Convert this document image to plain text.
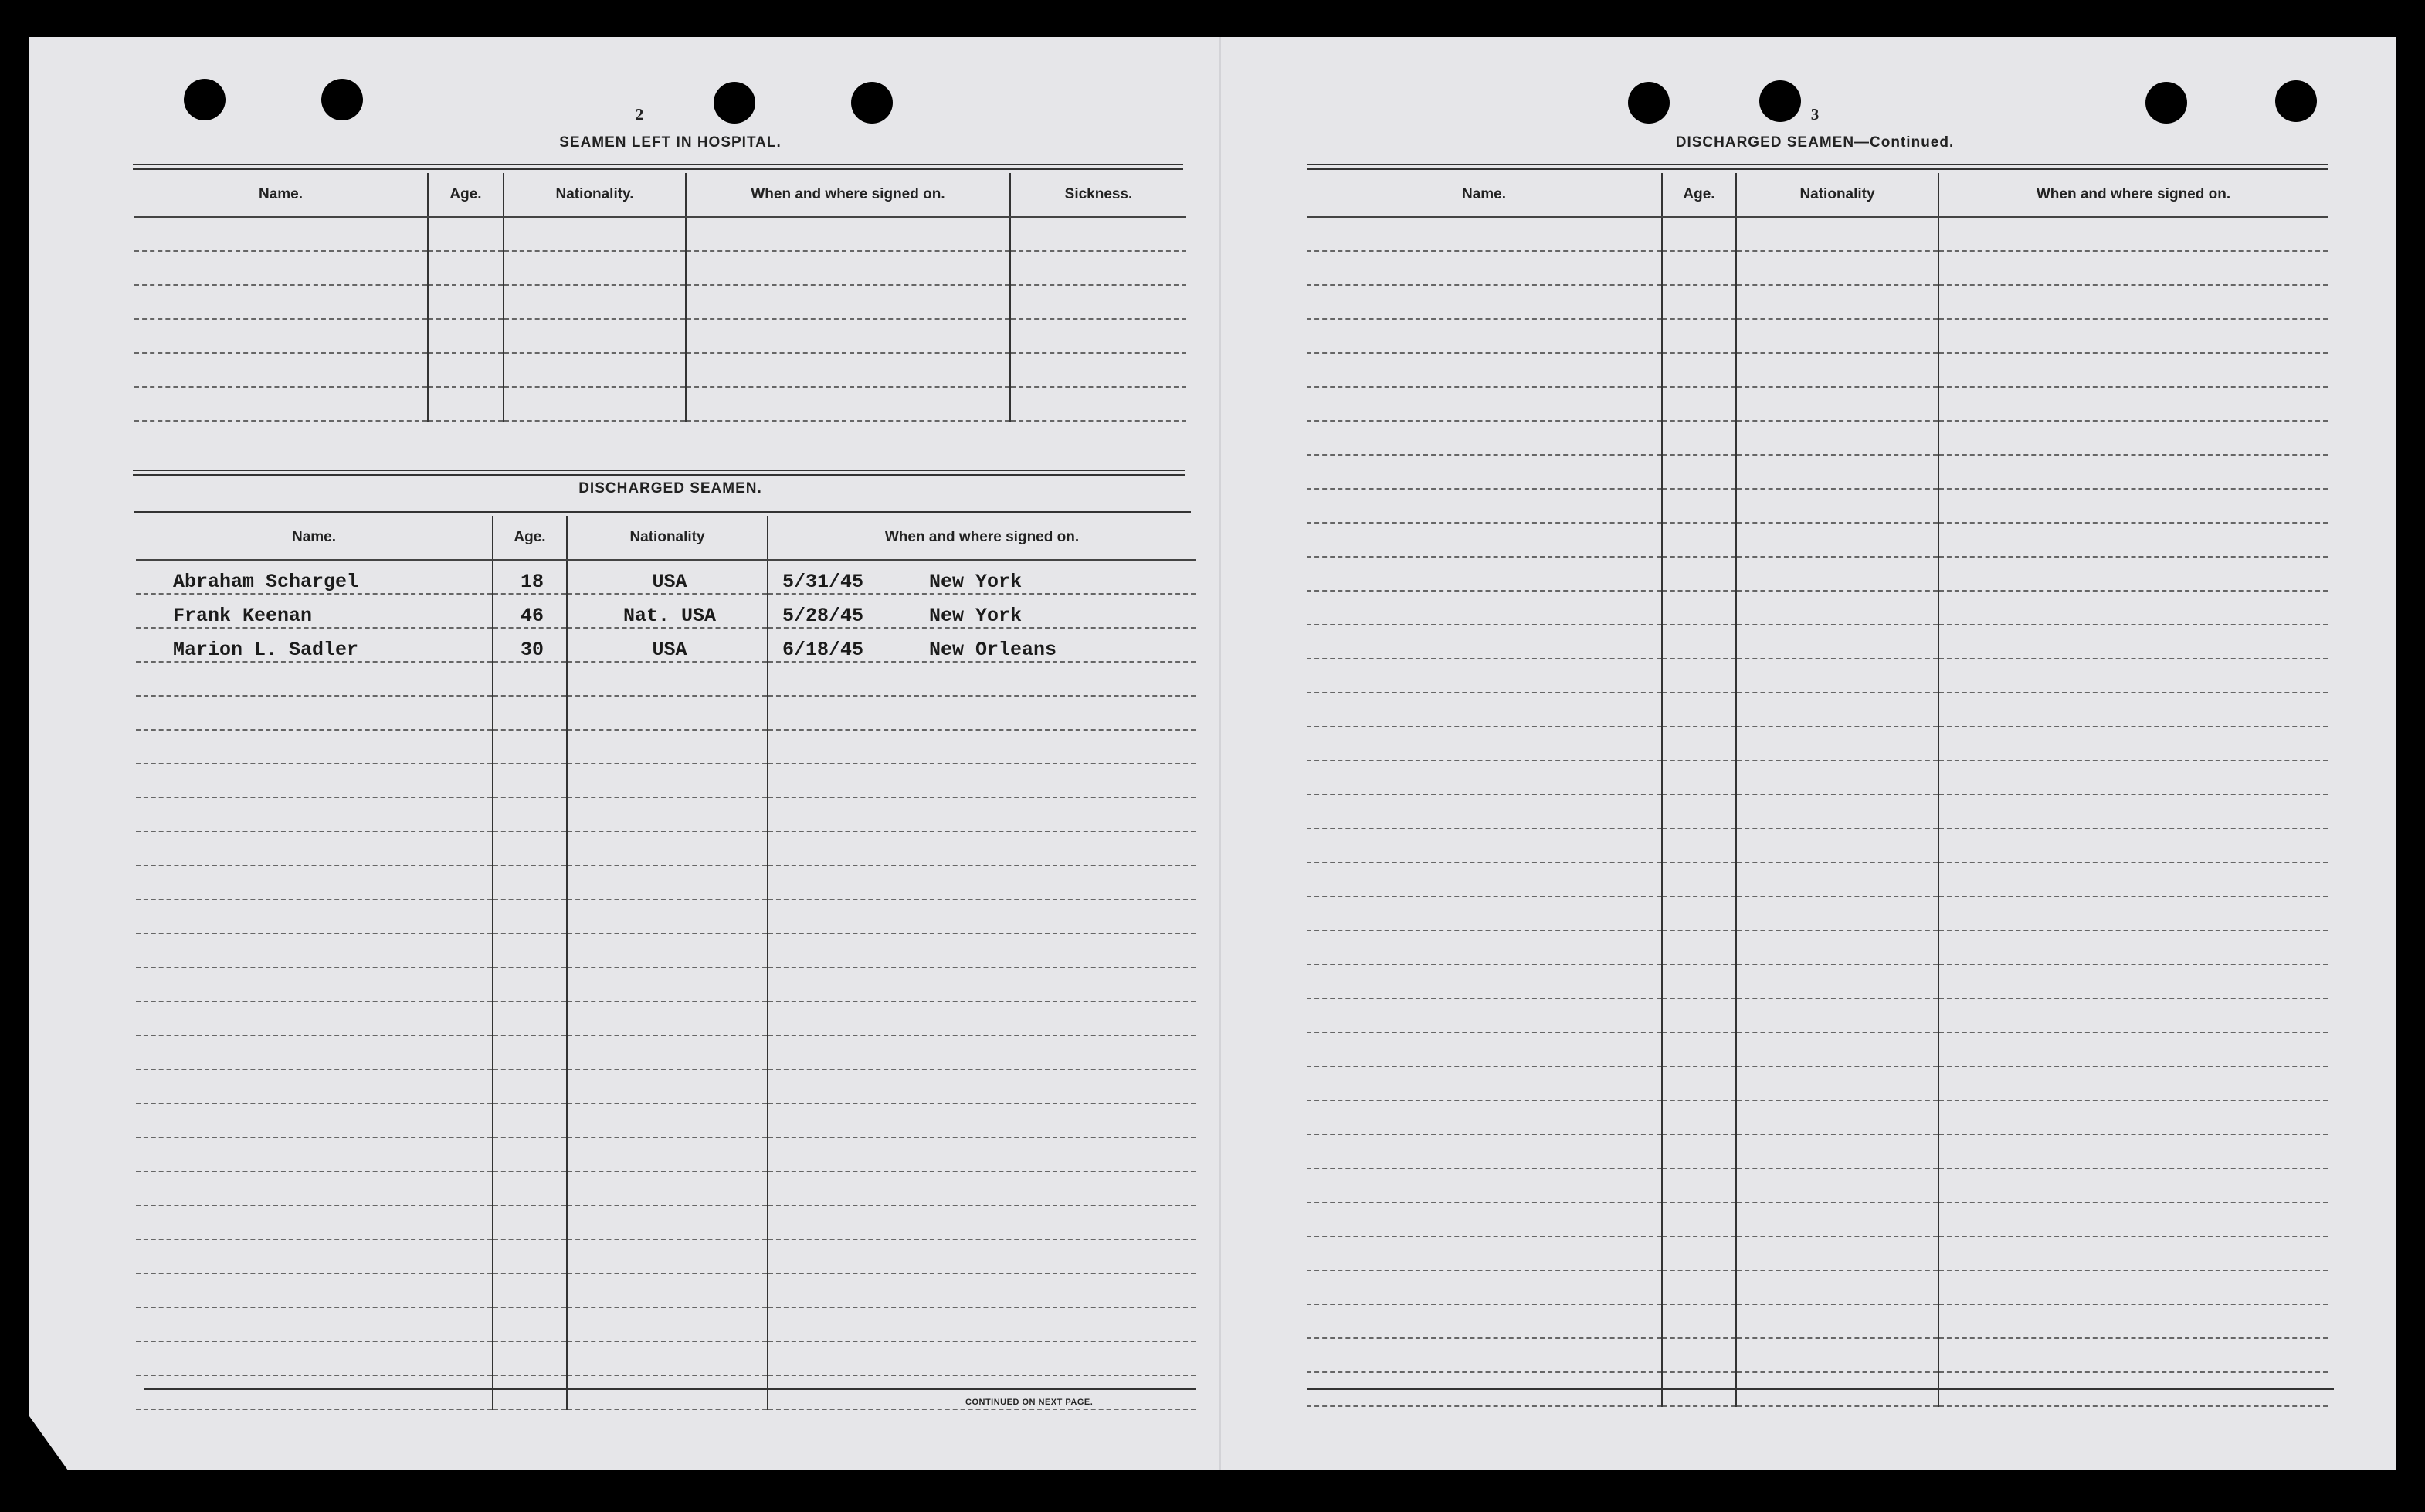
2
SEAMEN LEFT IN HOSPITAL.
Name.	Age.	Nationality.	When and where signed on.	Sickness.

DISCHARGED SEAMEN.
Name.	Age.	Nationality	When and where signed on.
Abraham Schargel	18	USA	5/31/45 New York
Frank Keenan	46	Nat. USA	5/28/45 New York
Marion L. Sadler	30	USA	6/18/45 New Orleans

CONTINUED ON NEXT PAGE.
3
DISCHARGED SEAMEN—Continued.
Name.	Age.	Nationality	When and where signed on.
